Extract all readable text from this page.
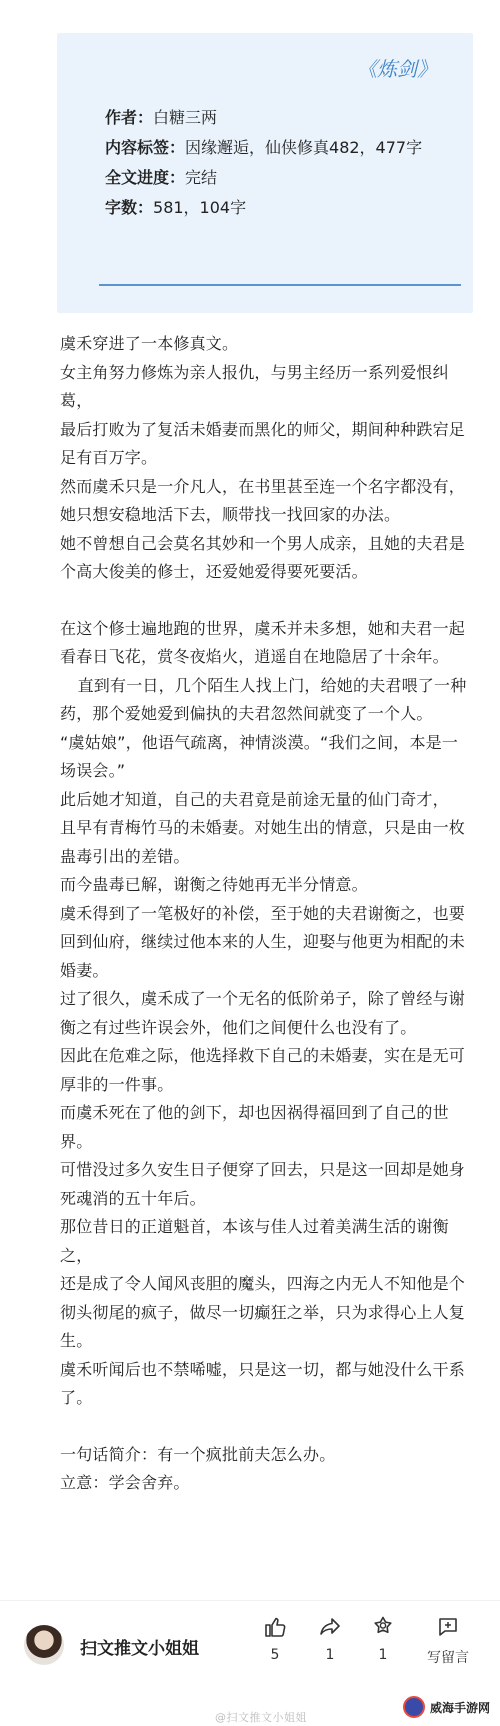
《炼剑》
作者：白糖三两
内容标签：因缘邂逅，仙侠修真482，477字
全文进度：完结
字数：581，104字

虞禾穿进了一本修真文。

女主角努力修炼为亲人报仇，与男主经历一系列爱恨纠葛，

最后打败为了复活未婚妻而黑化的师父，期间种种跌宕足足有百万字。

然而虞禾只是一介凡人，在书里甚至连一个名字都没有，

她只想安稳地活下去，顺带找一找回家的办法。

她不曾想自己会莫名其妙和一个男人成亲，且她的夫君是个高大俊美的修士，还爱她爱得要死要活。

在这个修士遍地跑的世界，虞禾并未多想，她和夫君一起看春日飞花，赏冬夜焰火，逍遥自在地隐居了十余年。

直到有一日，几个陌生人找上门，给她的夫君喂了一种药，那个爱她爱到偏执的夫君忽然间就变了一个人。

“虞姑娘”，他语气疏离，神情淡漠。“我们之间，本是一场误会。”

此后她才知道，自己的夫君竟是前途无量的仙门奇才，

且早有青梅竹马的未婚妻。对她生出的情意，只是由一枚蛊毒引出的差错。

而今蛊毒已解，谢衡之待她再无半分情意。

虞禾得到了一笔极好的补偿，至于她的夫君谢衡之，也要回到仙府，继续过他本来的人生，迎娶与他更为相配的未婚妻。

过了很久，虞禾成了一个无名的低阶弟子，除了曾经与谢衡之有过些许误会外，他们之间便什么也没有了。

因此在危难之际，他选择救下自己的未婚妻，实在是无可厚非的一件事。

而虞禾死在了他的剑下，却也因祸得福回到了自己的世界。

可惜没过多久安生日子便穿了回去，只是这一回却是她身死魂消的五十年后。

那位昔日的正道魁首，本该与佳人过着美满生活的谢衡之，

还是成了令人闻风丧胆的魔头，四海之内无人不知他是个彻头彻尾的疯子，做尽一切癫狂之举，只为求得心上人复生。

虞禾听闻后也不禁唏嘘，只是这一切，都与她没什么干系了。

一句话简介：有一个疯批前夫怎么办。

立意：学会舍弃。

扫文推文小姐姐	5	1	1	写留言
@扫文推文小姐姐
威海手游网
